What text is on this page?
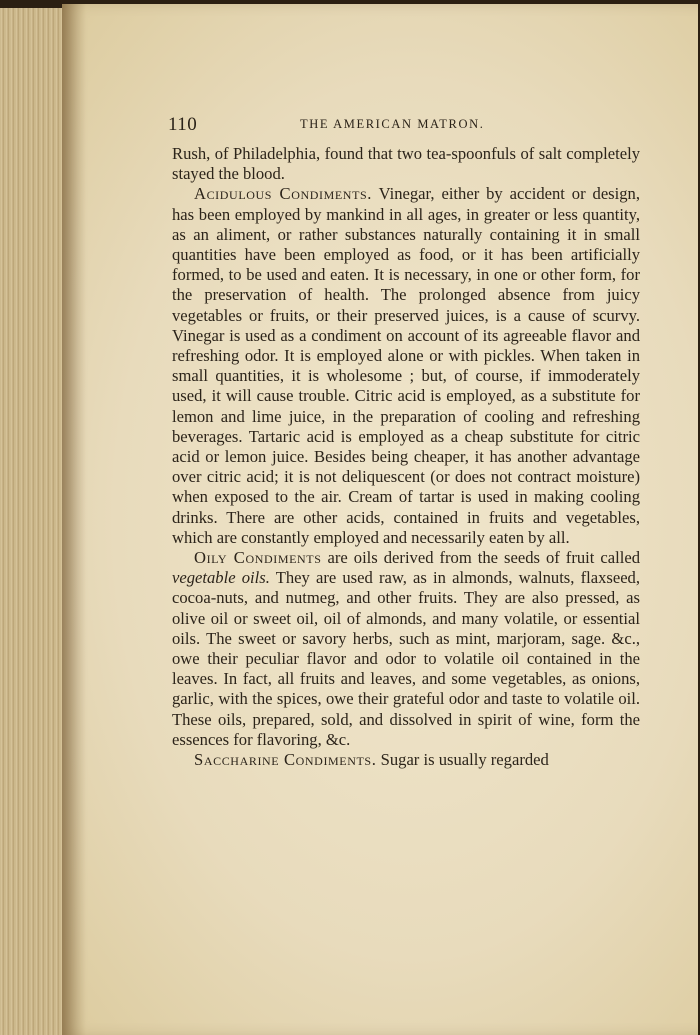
110	THE AMERICAN MATRON.

Rush, of Philadelphia, found that two tea-spoonfuls of salt completely stayed the blood.

Acidulous Condiments. Vinegar, either by accident or design, has been employed by mankind in all ages, in greater or less quantity, as an aliment, or rather substances naturally containing it in small quantities have been employed as food, or it has been artificially formed, to be used and eaten. It is necessary, in one or other form, for the preservation of health. The prolonged absence from juicy vegetables or fruits, or their preserved juices, is a cause of scurvy. Vinegar is used as a condiment on account of its agreeable flavor and refreshing odor. It is employed alone or with pickles. When taken in small quantities, it is wholesome ; but, of course, if immoderately used, it will cause trouble. Citric acid is employed, as a substitute for lemon and lime juice, in the preparation of cooling and refreshing beverages. Tartaric acid is employed as a cheap substitute for citric acid or lemon juice. Besides being cheaper, it has another advantage over citric acid; it is not deliquescent (or does not contract moisture) when exposed to the air. Cream of tartar is used in making cooling drinks. There are other acids, contained in fruits and vegetables, which are constantly employed and necessarily eaten by all.

Oily Condiments are oils derived from the seeds of fruit called vegetable oils. They are used raw, as in almonds, walnuts, flaxseed, cocoa-nuts, and nutmeg, and other fruits. They are also pressed, as olive oil or sweet oil, oil of almonds, and many volatile, or essential oils. The sweet or savory herbs, such as mint, marjoram, sage. &c., owe their peculiar flavor and odor to volatile oil contained in the leaves. In fact, all fruits and leaves, and some vegetables, as onions, garlic, with the spices, owe their grateful odor and taste to volatile oil. These oils, prepared, sold, and dissolved in spirit of wine, form the essences for flavoring, &c.

Saccharine Condiments. Sugar is usually regarded
